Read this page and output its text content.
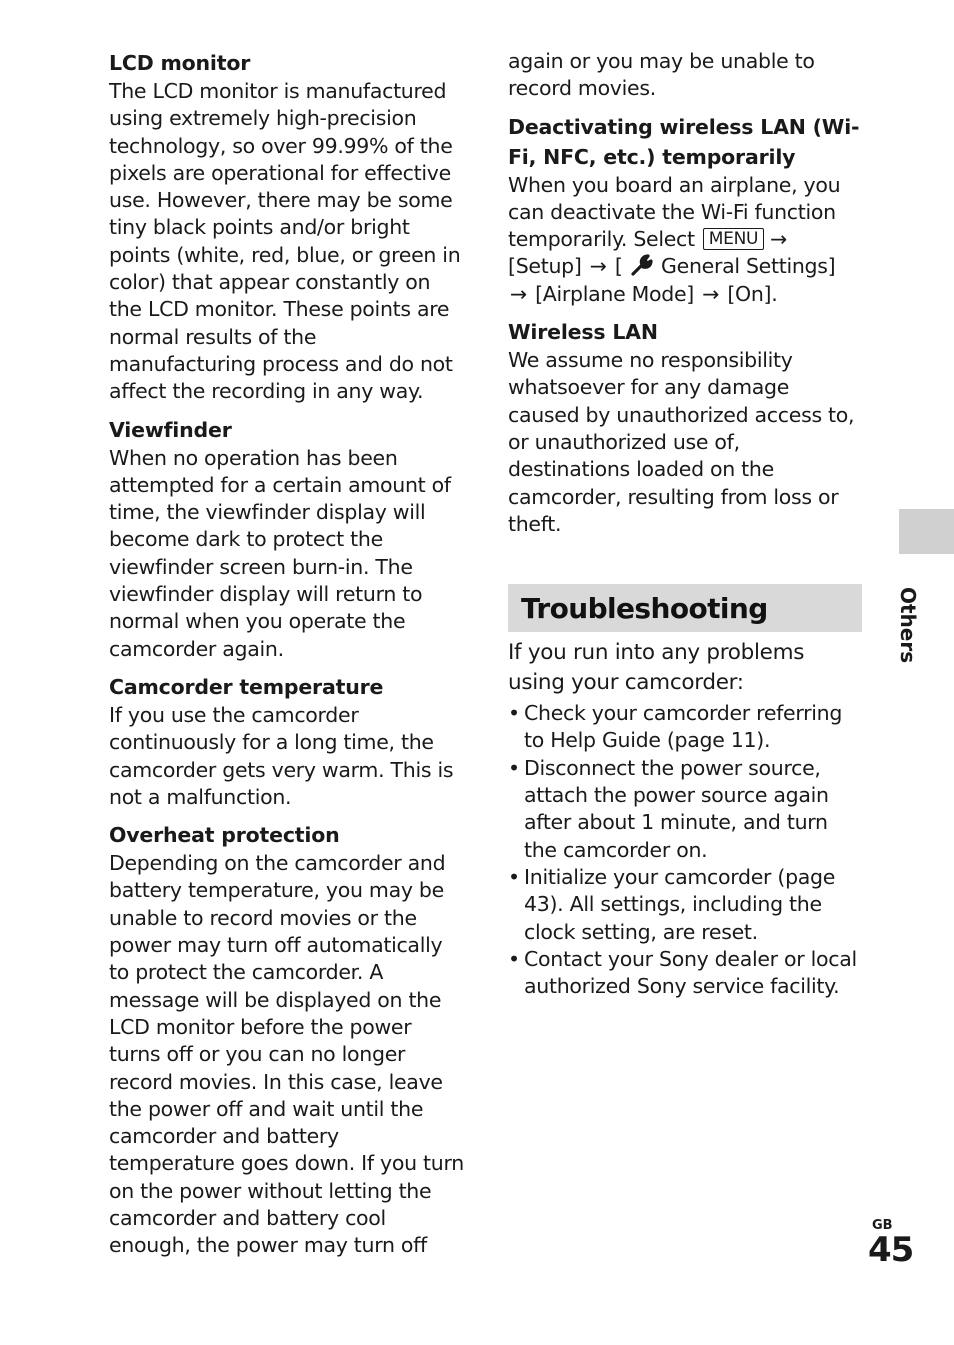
LCD monitor

The LCD monitor is manufactured using extremely high-precision technology, so over 99.99% of the pixels are operational for effective use. However, there may be some tiny black points and/or bright points (white, red, blue, or green in color) that appear constantly on the LCD monitor. These points are normal results of the manufacturing process and do not affect the recording in any way.

Viewfinder

When no operation has been attempted for a certain amount of time, the viewfinder display will become dark to protect the viewfinder screen burn-in. The viewfinder display will return to normal when you operate the camcorder again.

Camcorder temperature

If you use the camcorder continuously for a long time, the camcorder gets very warm. This is not a malfunction.

Overheat protection

Depending on the camcorder and battery temperature, you may be unable to record movies or the power may turn off automatically to protect the camcorder. A message will be displayed on the LCD monitor before the power turns off or you can no longer record movies. In this case, leave the power off and wait until the camcorder and battery temperature goes down. If you turn on the power without letting the camcorder and battery cool enough, the power may turn off

again or you may be unable to record movies.

Deactivating wireless LAN (Wi-Fi, NFC, etc.) temporarily

When you board an airplane, you can deactivate the Wi-Fi function temporarily. Select MENU → [Setup] → [ General Settings] → [Airplane Mode] → [On].

Wireless LAN

We assume no responsibility whatsoever for any damage caused by unauthorized access to, or unauthorized use of, destinations loaded on the camcorder, resulting from loss or theft.

Troubleshooting

If you run into any problems using your camcorder:

• Check your camcorder referring to Help Guide (page 11).
• Disconnect the power source, attach the power source again after about 1 minute, and turn the camcorder on.
• Initialize your camcorder (page 43). All settings, including the clock setting, are reset.
• Contact your Sony dealer or local authorized Sony service facility.
Others
GB
45
